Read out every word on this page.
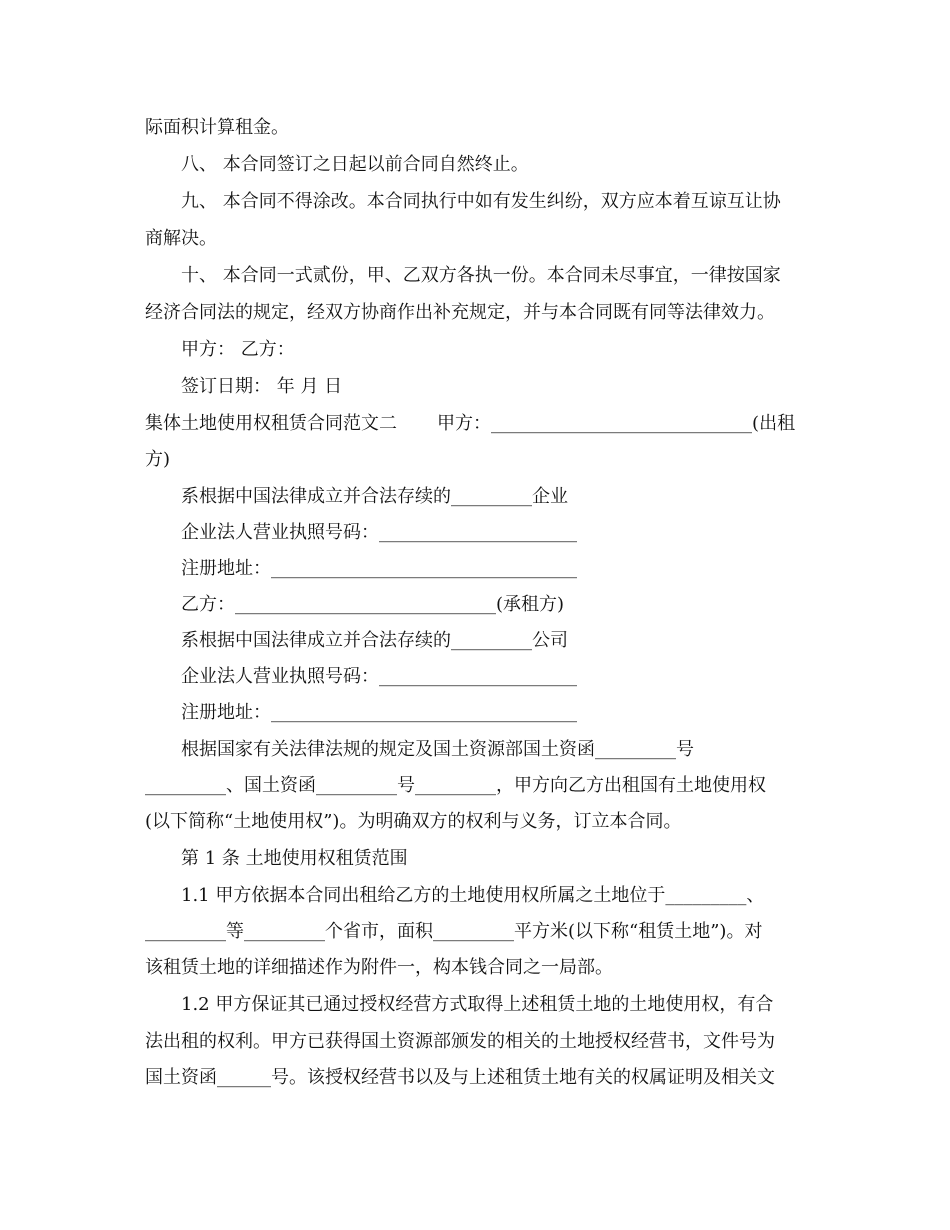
际面积计算租金。
八、 本合同签订之日起以前合同自然终止。
九、 本合同不得涂改。本合同执行中如有发生纠纷，双方应本着互谅互让协
商解决。
十、 本合同一式贰份，甲、乙双方各执一份。本合同未尽事宜，一律按国家
经济合同法的规定，经双方协商作出补充规定，并与本合同既有同等法律效力。
甲方： 乙方：
签订日期： 年 月 日
集体土地使用权租赁合同范文二       甲方：_____________________________(出租
方)
系根据中国法律成立并合法存续的_________企业
企业法人营业执照号码：______________________
注册地址：__________________________________
乙方：_____________________________(承租方)
系根据中国法律成立并合法存续的_________公司
企业法人营业执照号码：______________________
注册地址：__________________________________
根据国家有关法律法规的规定及国土资源部国土资函_________号
_________、国土资函_________号_________，甲方向乙方出租国有土地使用权
(以下简称“土地使用权”)。为明确双方的权利与义务，订立本合同。
第 1 条 土地使用权租赁范围
1.1 甲方依据本合同出租给乙方的土地使用权所属之土地位于_________、
_________等_________个省市，面积_________平方米(以下称“租赁土地”)。对
该租赁土地的详细描述作为附件一，构本钱合同之一局部。
1.2 甲方保证其已通过授权经营方式取得上述租赁土地的土地使用权，有合
法出租的权利。甲方已获得国土资源部颁发的相关的土地授权经营书，文件号为
国土资函______号。该授权经营书以及与上述租赁土地有关的权属证明及相关文
